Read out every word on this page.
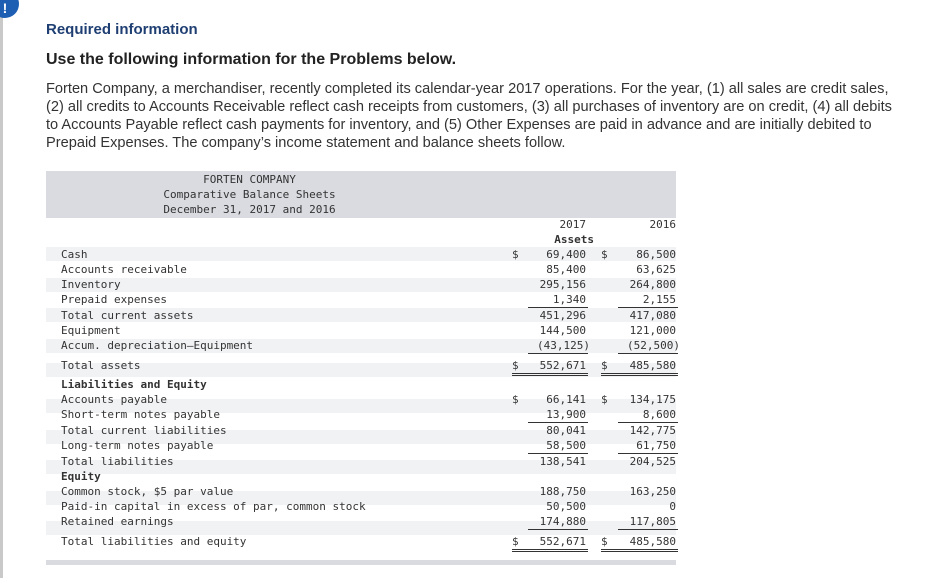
!
Required information
Use the following information for the Problems below.

Forten Company, a merchandiser, recently completed its calendar-year 2017 operations. For the year, (1) all sales are credit sales, (2) all credits to Accounts Receivable reflect cash receipts from customers, (3) all purchases of inventory are on credit, (4) all debits to Accounts Payable reflect cash payments for inventory, and (5) Other Expenses are paid in advance and are initially debited to Prepaid Expenses. The company’s income statement and balance sheets follow.

FORTEN COMPANY
Comparative Balance Sheets
December 31, 2017 and 2016
2017	2016
Assets
Cash	$	69,400 $	86,500
Accounts receivable	85,400	63,625
Inventory	295,156	264,800
Prepaid expenses	1,340	2,155
Total current assets	451,296	417,080
Equipment	144,500	121,000
Accum. depreciation–Equipment	(43,125)	(52,500)
Total assets	$	552,671 $	485,580
Liabilities and Equity
Accounts payable	$	66,141 $	134,175
Short-term notes payable	13,900	8,600
Total current liabilities	80,041	142,775
Long-term notes payable	58,500	61,750
Total liabilities	138,541	204,525
Equity
Common stock, $5 par value	188,750	163,250
Paid-in capital in excess of par, common stock	50,500	0
Retained earnings	174,880	117,805
Total liabilities and equity	$	552,671 $	485,580
